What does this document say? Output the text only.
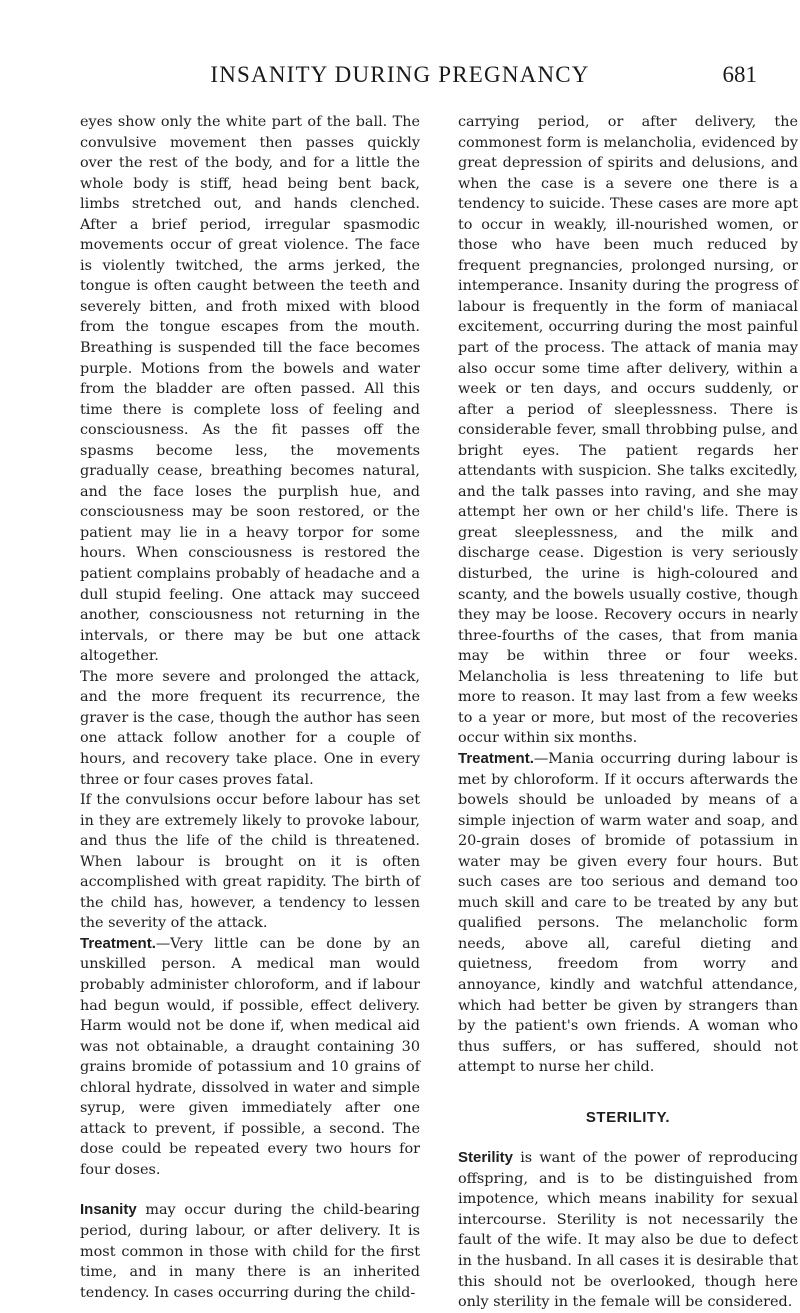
INSANITY DURING PREGNANCY	681

eyes show only the white part of the ball. The convulsive movement then passes quickly over the rest of the body, and for a little the whole body is stiff, head being bent back, limbs stretched out, and hands clenched. After a brief period, irregular spasmodic movements occur of great violence. The face is violently twitched, the arms jerked, the tongue is often caught between the teeth and severely bitten, and froth mixed with blood from the tongue escapes from the mouth. Breathing is suspended till the face becomes purple. Motions from the bowels and water from the bladder are often passed. All this time there is complete loss of feeling and consciousness. As the fit passes off the spasms become less, the movements gradually cease, breathing becomes natural, and the face loses the purplish hue, and consciousness may be soon restored, or the patient may lie in a heavy torpor for some hours. When consciousness is restored the patient complains probably of headache and a dull stupid feeling. One attack may succeed another, consciousness not returning in the intervals, or there may be but one attack altogether.

The more severe and prolonged the attack, and the more frequent its recurrence, the graver is the case, though the author has seen one attack follow another for a couple of hours, and recovery take place. One in every three or four cases proves fatal.

If the convulsions occur before labour has set in they are extremely likely to provoke labour, and thus the life of the child is threatened. When labour is brought on it is often accomplished with great rapidity. The birth of the child has, however, a tendency to lessen the severity of the attack.

Treatment.—Very little can be done by an unskilled person. A medical man would probably administer chloroform, and if labour had begun would, if possible, effect delivery. Harm would not be done if, when medical aid was not obtainable, a draught containing 30 grains bromide of potassium and 10 grains of chloral hydrate, dissolved in water and simple syrup, were given immediately after one attack to prevent, if possible, a second. The dose could be repeated every two hours for four doses.

Insanity may occur during the child-bearing period, during labour, or after delivery. It is most common in those with child for the first time, and in many there is an inherited tendency. In cases occurring during the child-

carrying period, or after delivery, the commonest form is melancholia, evidenced by great depression of spirits and delusions, and when the case is a severe one there is a tendency to suicide. These cases are more apt to occur in weakly, ill-nourished women, or those who have been much reduced by frequent pregnancies, prolonged nursing, or intemperance. Insanity during the progress of labour is frequently in the form of maniacal excitement, occurring during the most painful part of the process. The attack of mania may also occur some time after delivery, within a week or ten days, and occurs suddenly, or after a period of sleeplessness. There is considerable fever, small throbbing pulse, and bright eyes. The patient regards her attendants with suspicion. She talks excitedly, and the talk passes into raving, and she may attempt her own or her child's life. There is great sleeplessness, and the milk and discharge cease. Digestion is very seriously disturbed, the urine is high-coloured and scanty, and the bowels usually costive, though they may be loose. Recovery occurs in nearly three-fourths of the cases, that from mania may be within three or four weeks. Melancholia is less threatening to life but more to reason. It may last from a few weeks to a year or more, but most of the recoveries occur within six months.

Treatment.—Mania occurring during labour is met by chloroform. If it occurs afterwards the bowels should be unloaded by means of a simple injection of warm water and soap, and 20-grain doses of bromide of potassium in water may be given every four hours. But such cases are too serious and demand too much skill and care to be treated by any but qualified persons. The melancholic form needs, above all, careful dieting and quietness, freedom from worry and annoyance, kindly and watchful attendance, which had better be given by strangers than by the patient's own friends. A woman who thus suffers, or has suffered, should not attempt to nurse her child.

STERILITY.

Sterility is want of the power of reproducing offspring, and is to be distinguished from impotence, which means inability for sexual intercourse. Sterility is not necessarily the fault of the wife. It may also be due to defect in the husband. In all cases it is desirable that this should not be overlooked, though here only sterility in the female will be considered.
